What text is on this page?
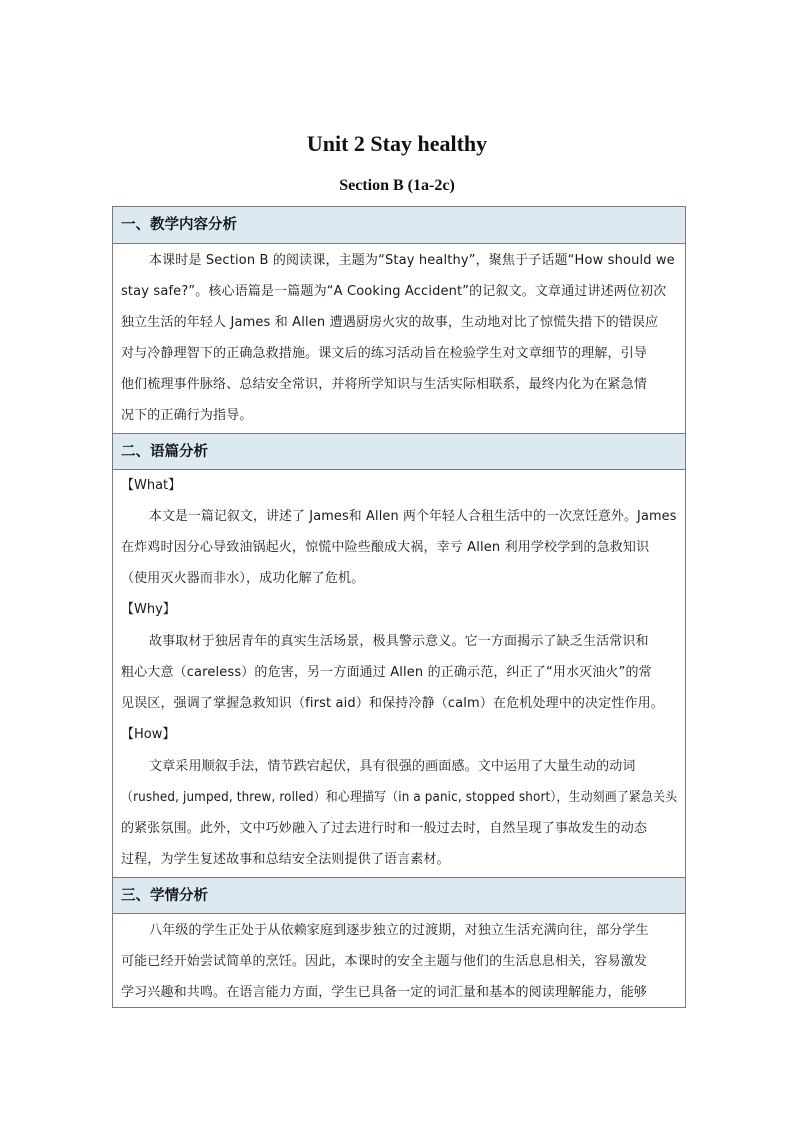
Unit 2 Stay healthy
Section B (1a-2c)
一、教学内容分析
本课时是 Section B 的阅读课，主题为“Stay healthy”，聚焦于子话题“How should we
stay safe?”。核心语篇是一篇题为“A Cooking Accident”的记叙文。文章通过讲述两位初次
独立生活的年轻人 James 和 Allen 遭遇厨房火灾的故事，生动地对比了惊慌失措下的错误应
对与冷静理智下的正确急救措施。课文后的练习活动旨在检验学生对文章细节的理解，引导
他们梳理事件脉络、总结安全常识，并将所学知识与生活实际相联系，最终内化为在紧急情
况下的正确行为指导。
二、语篇分析
【What】
本文是一篇记叙文，讲述了 James和 Allen 两个年轻人合租生活中的一次烹饪意外。James
在炸鸡时因分心导致油锅起火，惊慌中险些酿成大祸，幸亏 Allen 利用学校学到的急救知识
（使用灭火器而非水），成功化解了危机。
【Why】
故事取材于独居青年的真实生活场景，极具警示意义。它一方面揭示了缺乏生活常识和
粗心大意（careless）的危害，另一方面通过 Allen 的正确示范，纠正了“用水灭油火”的常
见误区，强调了掌握急救知识（first aid）和保持冷静（calm）在危机处理中的决定性作用。
【How】
文章采用顺叙手法，情节跌宕起伏，具有很强的画面感。文中运用了大量生动的动词
（rushed, jumped, threw, rolled）和心理描写（in a panic, stopped short），生动刻画了紧急关头
的紧张氛围。此外，文中巧妙融入了过去进行时和一般过去时，自然呈现了事故发生的动态
过程，为学生复述故事和总结安全法则提供了语言素材。
三、学情分析
八年级的学生正处于从依赖家庭到逐步独立的过渡期，对独立生活充满向往，部分学生
可能已经开始尝试简单的烹饪。因此，本课时的安全主题与他们的生活息息相关，容易激发
学习兴趣和共鸣。在语言能力方面，学生已具备一定的词汇量和基本的阅读理解能力，能够
